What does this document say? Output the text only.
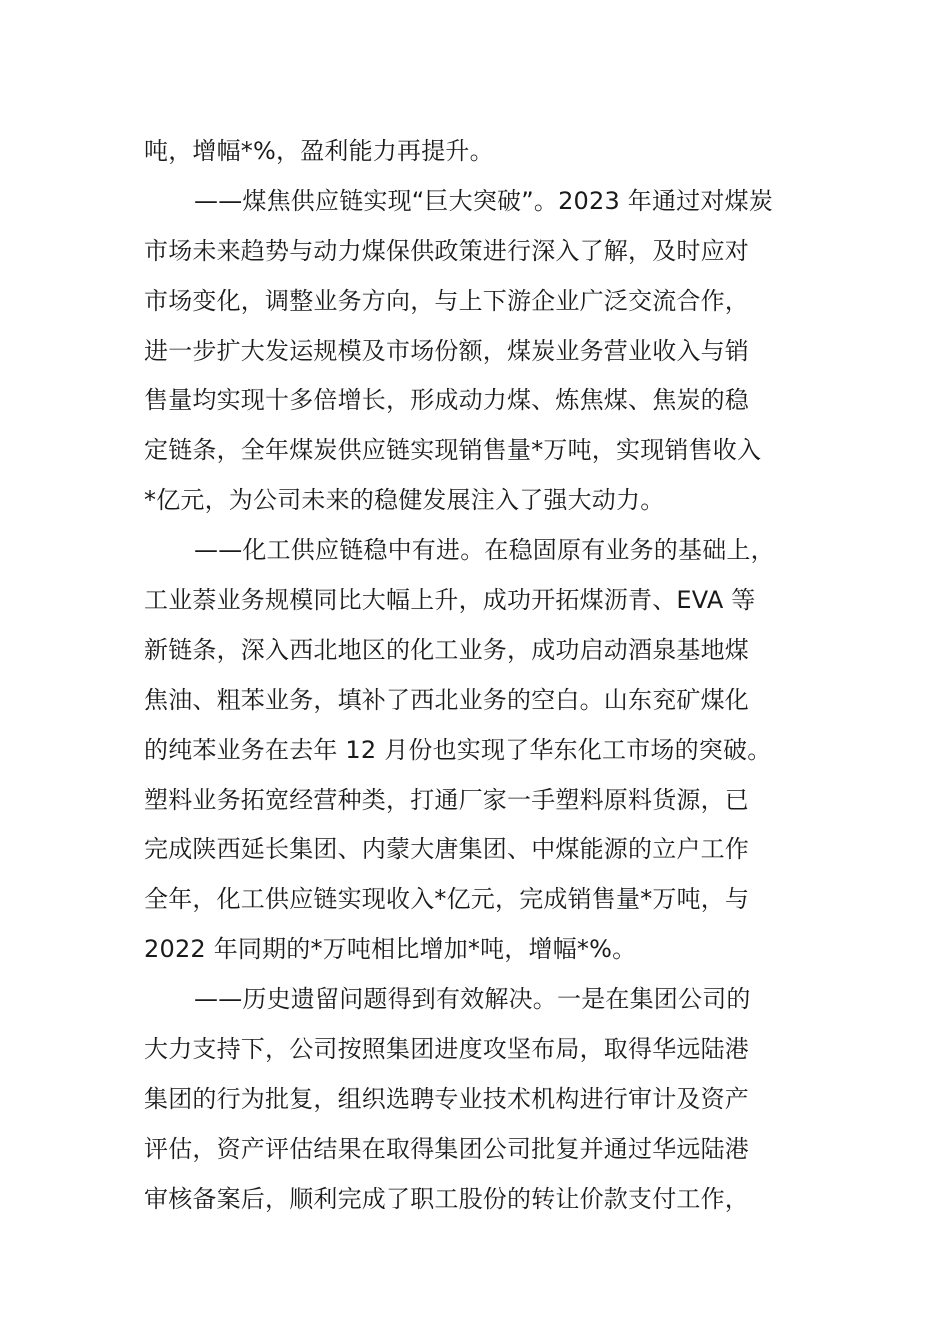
吨，增幅*%，盈利能力再提升。
——煤焦供应链实现“巨大突破”。2023 年通过对煤炭
市场未来趋势与动力煤保供政策进行深入了解，及时应对
市场变化，调整业务方向，与上下游企业广泛交流合作，
进一步扩大发运规模及市场份额，煤炭业务营业收入与销
售量均实现十多倍增长，形成动力煤、炼焦煤、焦炭的稳
定链条，全年煤炭供应链实现销售量*万吨，实现销售收入
*亿元，为公司未来的稳健发展注入了强大动力。
——化工供应链稳中有进。在稳固原有业务的基础上，
工业萘业务规模同比大幅上升，成功开拓煤沥青、EVA 等
新链条，深入西北地区的化工业务，成功启动酒泉基地煤
焦油、粗苯业务，填补了西北业务的空白。山东兖矿煤化
的纯苯业务在去年 12 月份也实现了华东化工市场的突破。
塑料业务拓宽经营种类，打通厂家一手塑料原料货源，已
完成陕西延长集团、内蒙大唐集团、中煤能源的立户工作
全年，化工供应链实现收入*亿元，完成销售量*万吨，与
2022 年同期的*万吨相比增加*吨，增幅*%。
——历史遗留问题得到有效解决。一是在集团公司的
大力支持下，公司按照集团进度攻坚布局，取得华远陆港
集团的行为批复，组织选聘专业技术机构进行审计及资产
评估，资产评估结果在取得集团公司批复并通过华远陆港
审核备案后，顺利完成了职工股份的转让价款支付工作，
